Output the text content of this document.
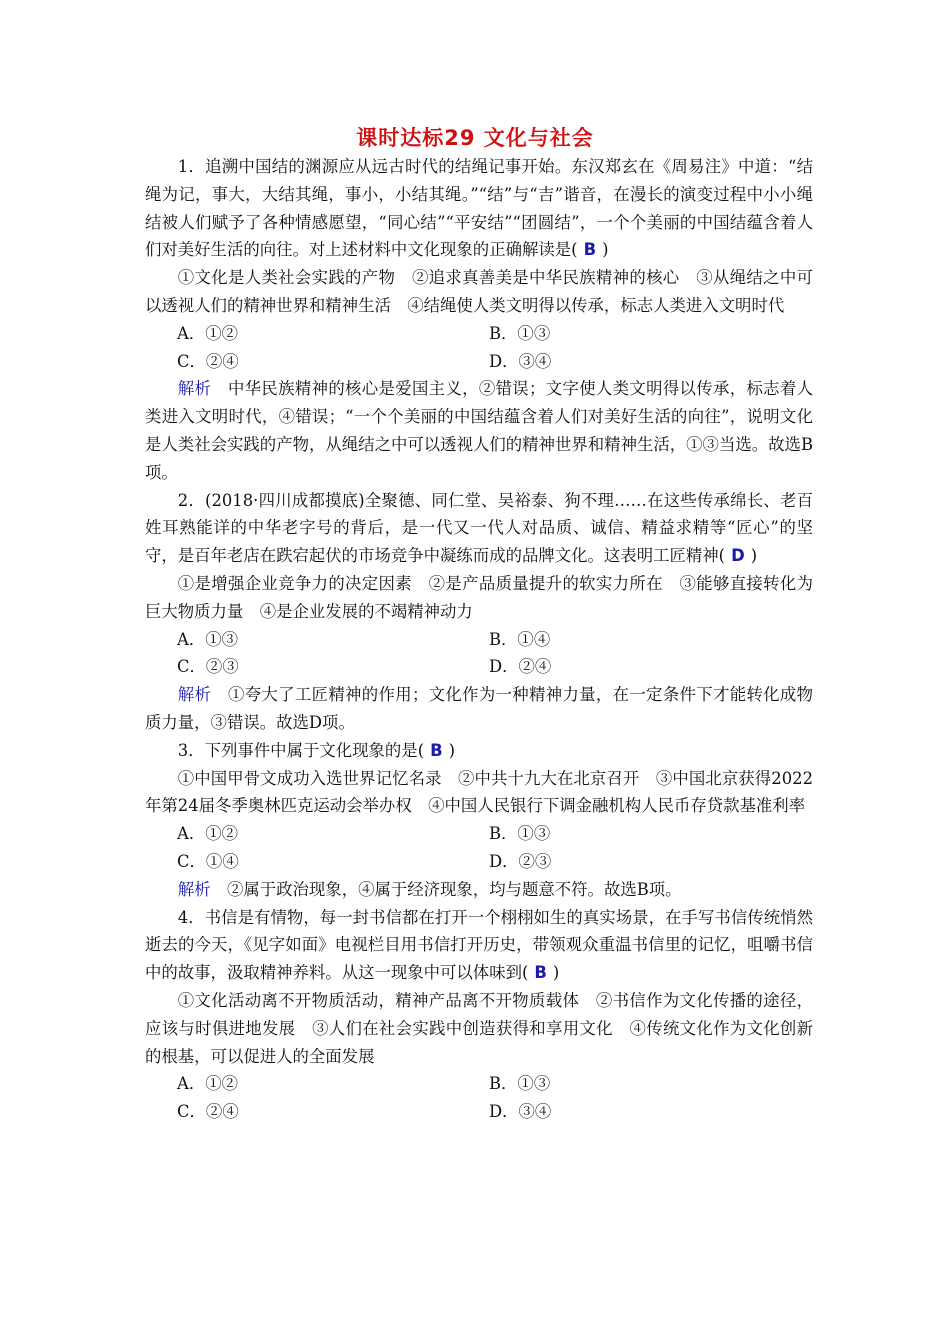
课时达标29 文化与社会

1．追溯中国结的渊源应从远古时代的结绳记事开始。东汉郑玄在《周易注》中道：“结绳为记，事大，大结其绳，事小，小结其绳。”“结”与“吉”谐音，在漫长的演变过程中小小绳结被人们赋予了各种情感愿望，“同心结”“平安结”“团圆结”，一个个美丽的中国结蕴含着人们对美好生活的向往。对上述材料中文化现象的正确解读是( B )

①文化是人类社会实践的产物　②追求真善美是中华民族精神的核心　③从绳结之中可以透视人们的精神世界和精神生活　④结绳使人类文明得以传承，标志人类进入文明时代

A．①②	B．①③
C．②④	D．③④

解析　 中华民族精神的核心是爱国主义，②错误；文字使人类文明得以传承，标志着人类进入文明时代，④错误；“一个个美丽的中国结蕴含着人们对美好生活的向往”，说明文化是人类社会实践的产物，从绳结之中可以透视人们的精神世界和精神生活，①③当选。故选B项。

2．(2018·四川成都摸底)全聚德、同仁堂、吴裕泰、狗不理……在这些传承绵长、老百姓耳熟能详的中华老字号的背后，是一代又一代人对品质、诚信、精益求精等“匠心”的坚守，是百年老店在跌宕起伏的市场竞争中凝练而成的品牌文化。这表明工匠精神( D )

①是增强企业竞争力的决定因素　②是产品质量提升的软实力所在　③能够直接转化为巨大物质力量　④是企业发展的不竭精神动力

A．①③	B．①④
C．②③	D．②④

解析　 ①夸大了工匠精神的作用；文化作为一种精神力量，在一定条件下才能转化成物质力量，③错误。故选D项。

3．下列事件中属于文化现象的是( B )

①中国甲骨文成功入选世界记忆名录　②中共十九大在北京召开　③中国北京获得2022年第24届冬季奥林匹克运动会举办权　④中国人民银行下调金融机构人民币存贷款基准利率

A．①②	B．①③
C．①④	D．②③

解析　 ②属于政治现象，④属于经济现象，均与题意不符。故选B项。

4．书信是有情物，每一封书信都在打开一个栩栩如生的真实场景，在手写书信传统悄然逝去的今天，《见字如面》电视栏目用书信打开历史，带领观众重温书信里的记忆，咀嚼书信中的故事，汲取精神养料。从这一现象中可以体味到( B )

①文化活动离不开物质活动，精神产品离不开物质载体　②书信作为文化传播的途径，应该与时俱进地发展　③人们在社会实践中创造获得和享用文化　④传统文化作为文化创新的根基，可以促进人的全面发展

A．①②	B．①③
C．②④	D．③④
